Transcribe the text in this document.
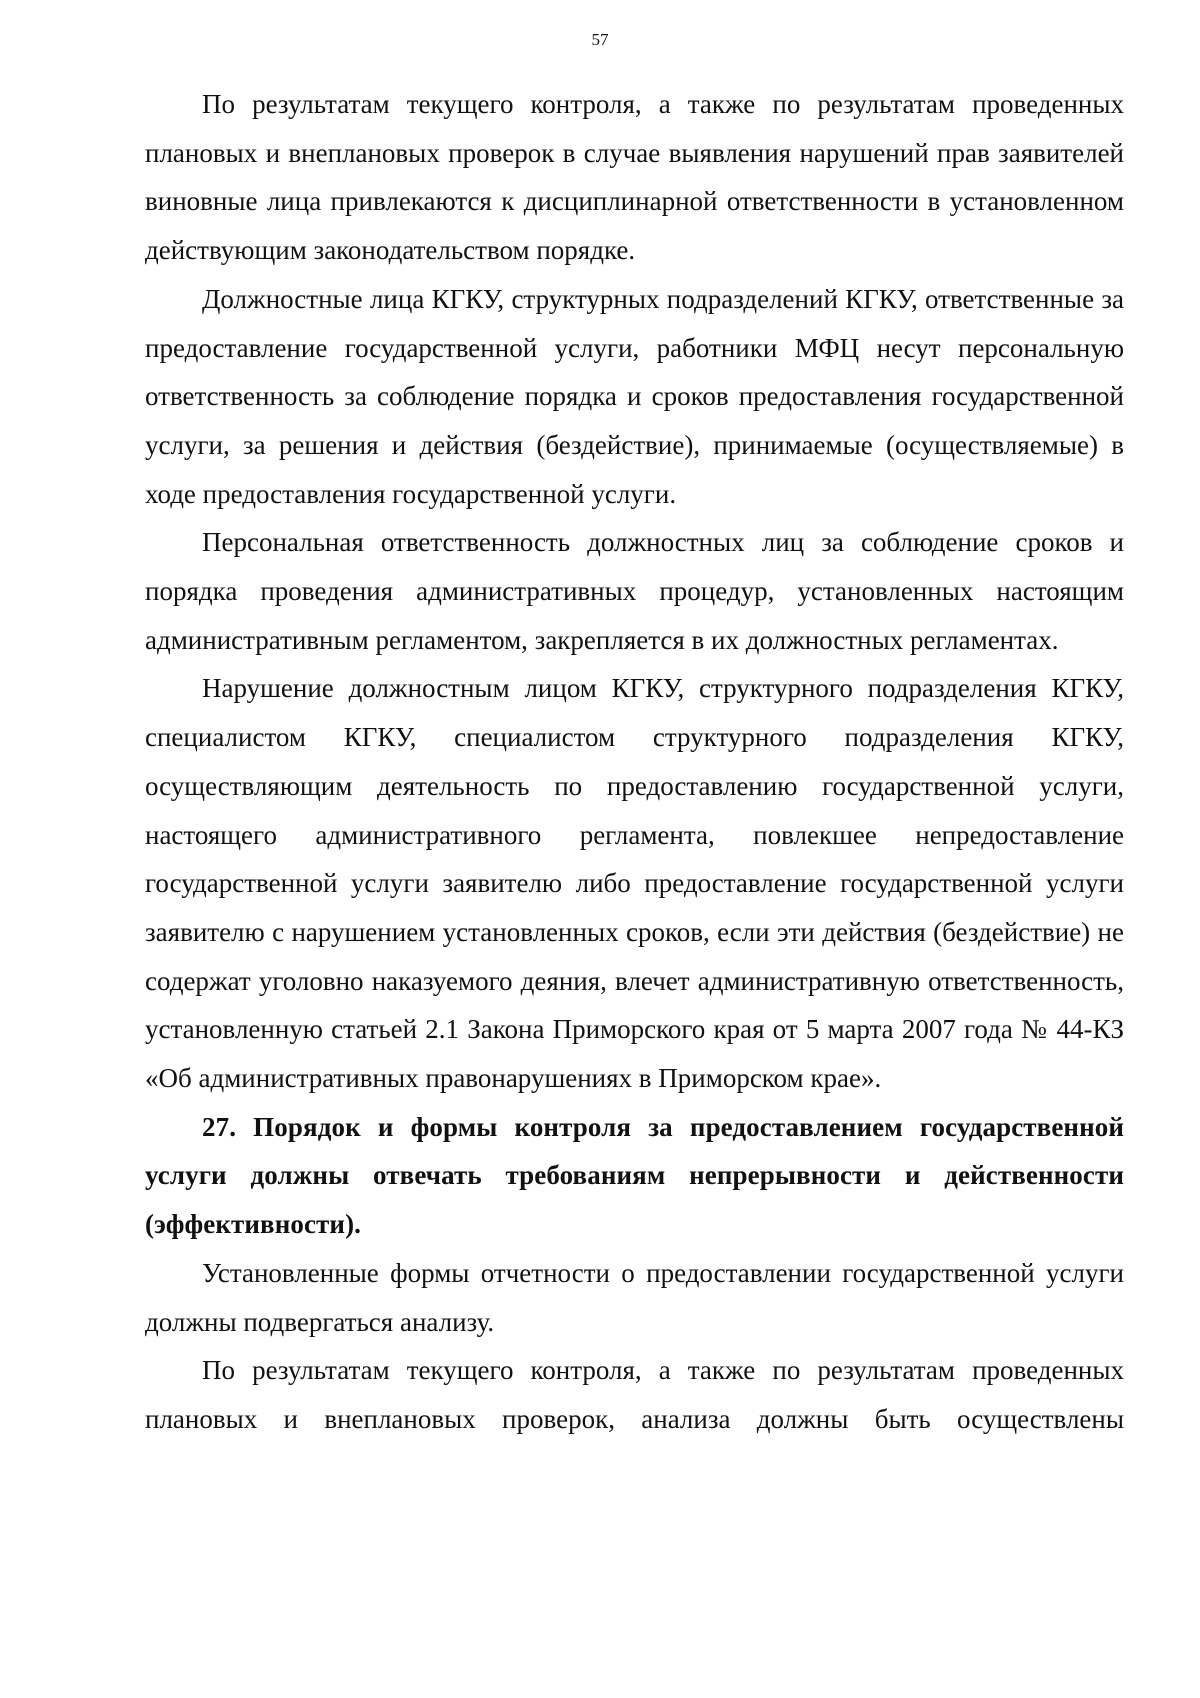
57

По результатам текущего контроля, а также по результатам проведенных плановых и внеплановых проверок в случае выявления нарушений прав заявителей виновные лица привлекаются к дисциплинарной ответственности в установленном действующим законодательством порядке.

Должностные лица КГКУ, структурных подразделений КГКУ, ответственные за предоставление государственной услуги, работники МФЦ несут персональную ответственность за соблюдение порядка и сроков предоставления государственной услуги, за решения и действия (бездействие), принимаемые (осуществляемые) в ходе предоставления государственной услуги.

Персональная ответственность должностных лиц за соблюдение сроков и порядка проведения административных процедур, установленных настоящим административным регламентом, закрепляется в их должностных регламентах.

Нарушение должностным лицом КГКУ, структурного подразделения КГКУ, специалистом КГКУ, специалистом структурного подразделения КГКУ, осуществляющим деятельность по предоставлению государственной услуги, настоящего административного регламента, повлекшее непредоставление государственной услуги заявителю либо предоставление государственной услуги заявителю с нарушением установленных сроков, если эти действия (бездействие) не содержат уголовно наказуемого деяния, влечет административную ответственность, установленную статьей 2.1 Закона Приморского края от 5 марта 2007 года № 44-КЗ «Об административных правонарушениях в Приморском крае».

27. Порядок и формы контроля за предоставлением государственной услуги должны отвечать требованиям непрерывности и действенности (эффективности).

Установленные формы отчетности о предоставлении государственной услуги должны подвергаться анализу.

По результатам текущего контроля, а также по результатам проведенных плановых и внеплановых проверок, анализа должны быть осуществлены
